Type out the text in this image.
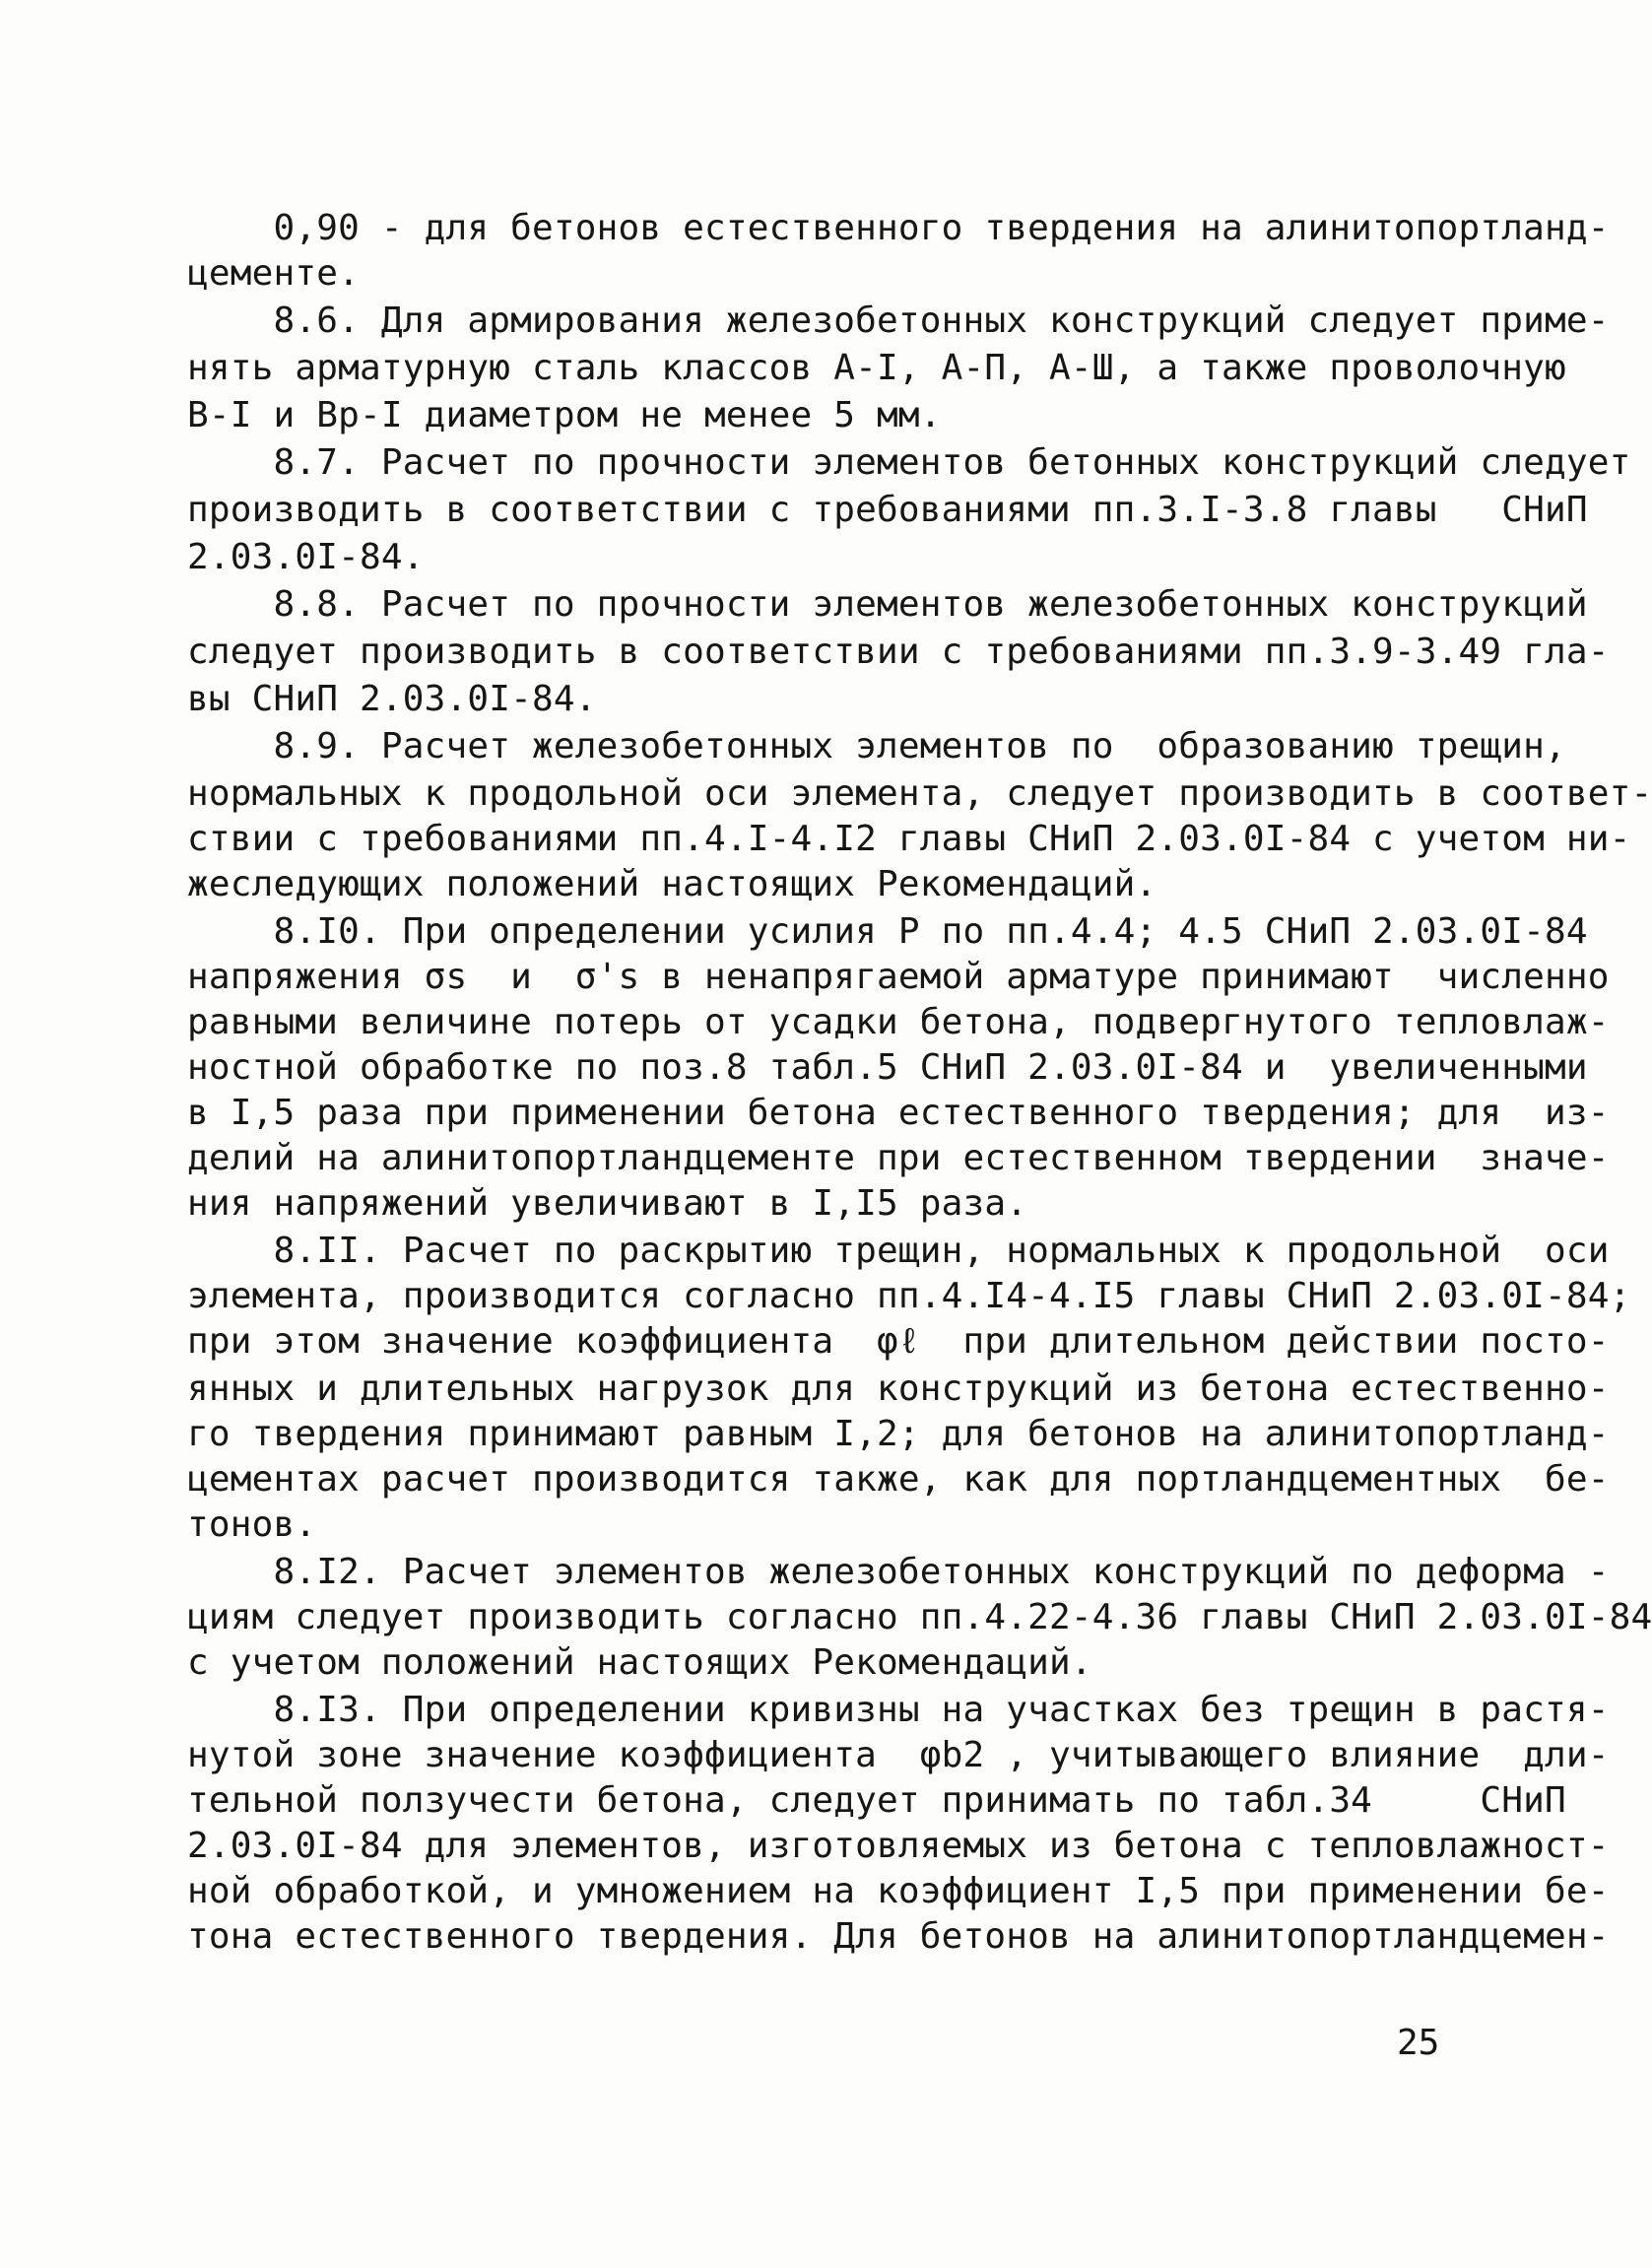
0,90 - для бетонов естественного твердения на алинитопортланд-
цементе.
8.6. Для армирования железобетонных конструкций следует приме-
нять арматурную сталь классов А-I, А-П, А-Ш, а также проволочную
В-I и Вр-I диаметром не менее 5 мм.
8.7. Расчет по прочности элементов бетонных конструкций следует
производить в соответствии с требованиями пп.3.I-3.8 главы   СНиП
2.03.0I-84.
8.8. Расчет по прочности элементов железобетонных конструкций
следует производить в соответствии с требованиями пп.3.9-3.49 гла-
вы СНиП 2.03.0I-84.
8.9. Расчет железобетонных элементов по  образованию трещин,
нормальных к продольной оси элемента, следует производить в соответ-
ствии с требованиями пп.4.I-4.I2 главы СНиП 2.03.0I-84 с учетом ни-
жеследующих положений настоящих Рекомендаций.
8.I0. При определении усилия Р по пп.4.4; 4.5 СНиП 2.03.0I-84
напряжения σs  и  σ's в ненапрягаемой арматуре принимают  численно
равными величине потерь от усадки бетона, подвергнутого тепловлаж-
ностной обработке по поз.8 табл.5 СНиП 2.03.0I-84 и  увеличенными
в I,5 раза при применении бетона естественного твердения; для  из-
делий на алинитопортландцементе при естественном твердении  значе-
ния напряжений увеличивают в I,I5 раза.
8.II. Расчет по раскрытию трещин, нормальных к продольной  оси
элемента, производится согласно пп.4.I4-4.I5 главы СНиП 2.03.0I-84;
при этом значение коэффициента  φℓ  при длительном действии посто-
янных и длительных нагрузок для конструкций из бетона естественно-
го твердения принимают равным I,2; для бетонов на алинитопортланд-
цементах расчет производится также, как для портландцементных  бе-
тонов.
8.I2. Расчет элементов железобетонных конструкций по деформа -
циям следует производить согласно пп.4.22-4.36 главы СНиП 2.03.0I-84
с учетом положений настоящих Рекомендаций.
8.I3. При определении кривизны на участках без трещин в растя-
нутой зоне значение коэффициента  φb2 , учитывающего влияние  дли-
тельной ползучести бетона, следует принимать по табл.34     СНиП
2.03.0I-84 для элементов, изготовляемых из бетона с тепловлажност-
ной обработкой, и умножением на коэффициент I,5 при применении бе-
тона естественного твердения. Для бетонов на алинитопортландцемен-
25
